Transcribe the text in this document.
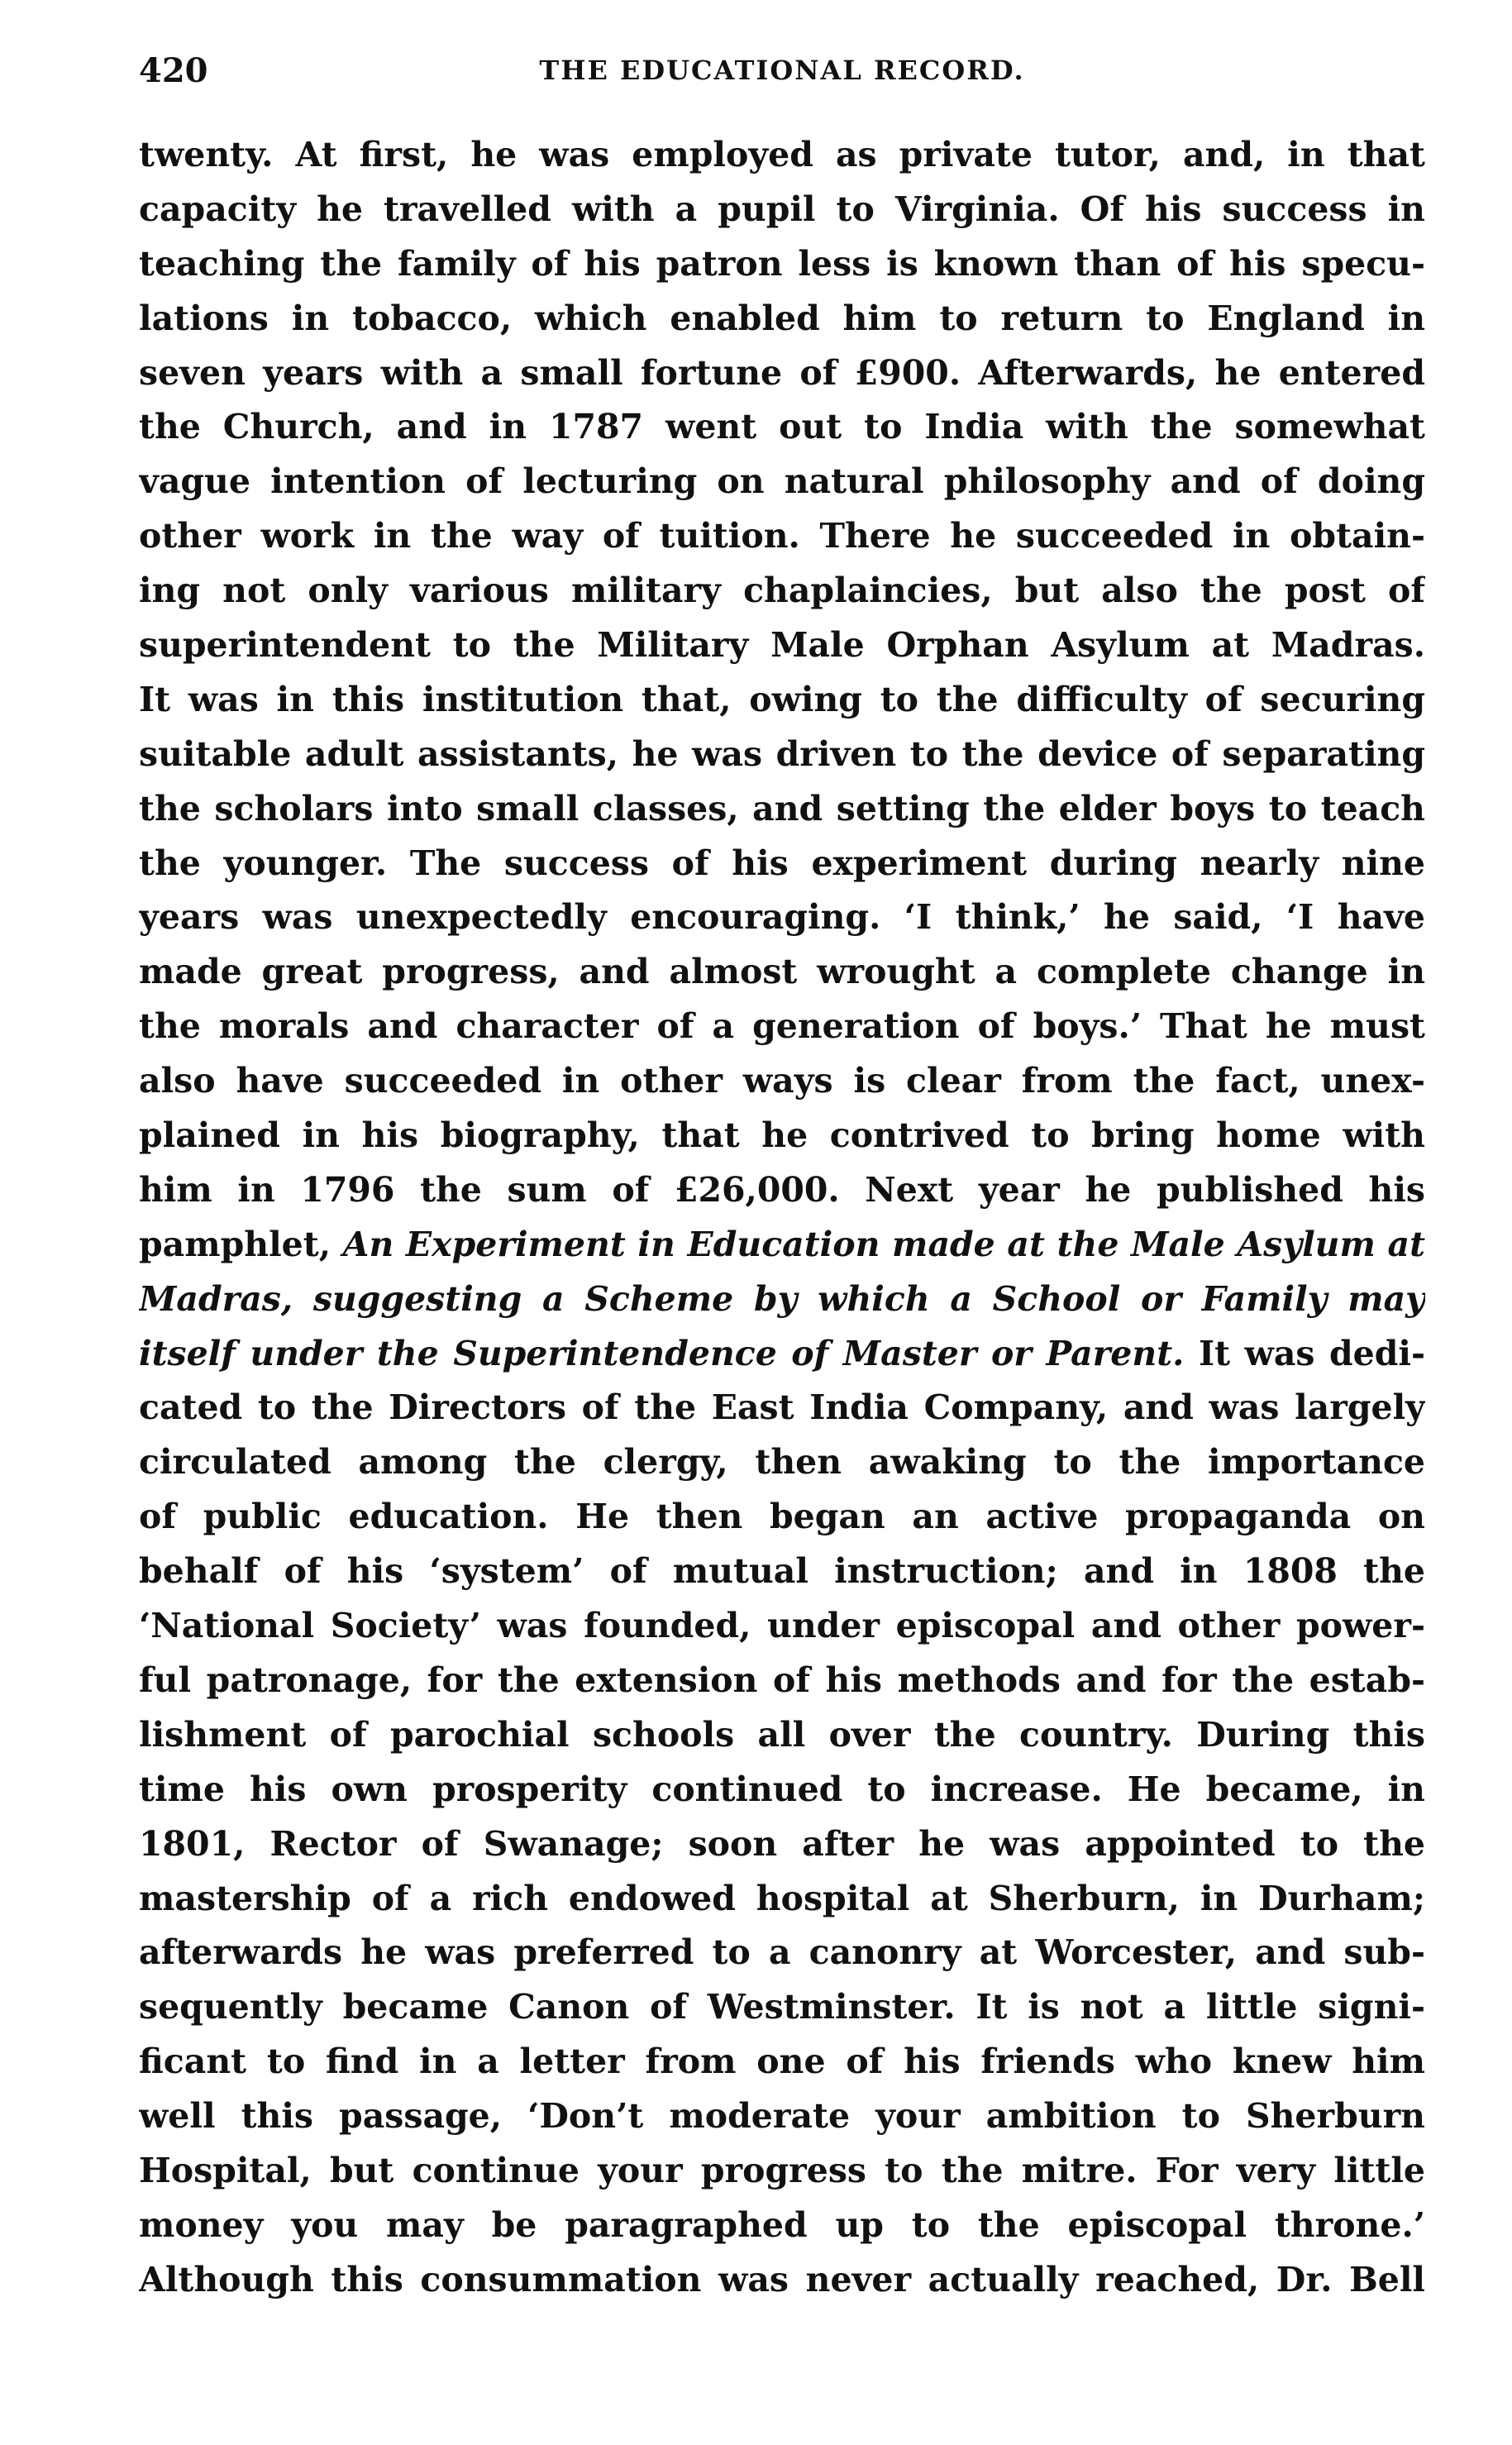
420	THE EDUCATIONAL RECORD.
twenty. At first, he was employed as private tutor, and, in that
capacity he travelled with a pupil to Virginia. Of his success in
teaching the family of his patron less is known than of his specu-
lations in tobacco, which enabled him to return to England in
seven years with a small fortune of £900. Afterwards, he entered
the Church, and in 1787 went out to India with the somewhat
vague intention of lecturing on natural philosophy and of doing
other work in the way of tuition. There he succeeded in obtain-
ing not only various military chaplaincies, but also the post of
superintendent to the Military Male Orphan Asylum at Madras.
It was in this institution that, owing to the difficulty of securing
suitable adult assistants, he was driven to the device of separating
the scholars into small classes, and setting the elder boys to teach
the younger. The success of his experiment during nearly nine
years was unexpectedly encouraging. ‘I think,’ he said, ‘I have
made great progress, and almost wrought a complete change in
the morals and character of a generation of boys.’ That he must
also have succeeded in other ways is clear from the fact, unex-
plained in his biography, that he contrived to bring home with
him in 1796 the sum of £26,000. Next year he published his
pamphlet, An Experiment in Education made at the Male Asylum at
Madras, suggesting a Scheme by which a School or Family may
itself under the Superintendence of Master or Parent. It was dedi-
cated to the Directors of the East India Company, and was largely
circulated among the clergy, then awaking to the importance
of public education. He then began an active propaganda on
behalf of his ‘system’ of mutual instruction; and in 1808 the
‘National Society’ was founded, under episcopal and other power-
ful patronage, for the extension of his methods and for the estab-
lishment of parochial schools all over the country. During this
time his own prosperity continued to increase. He became, in
1801, Rector of Swanage; soon after he was appointed to the
mastership of a rich endowed hospital at Sherburn, in Durham;
afterwards he was preferred to a canonry at Worcester, and sub-
sequently became Canon of Westminster. It is not a little signi-
ficant to find in a letter from one of his friends who knew him
well this passage, ‘Don’t moderate your ambition to Sherburn
Hospital, but continue your progress to the mitre. For very little
money you may be paragraphed up to the episcopal throne.’
Although this consummation was never actually reached, Dr. Bell
